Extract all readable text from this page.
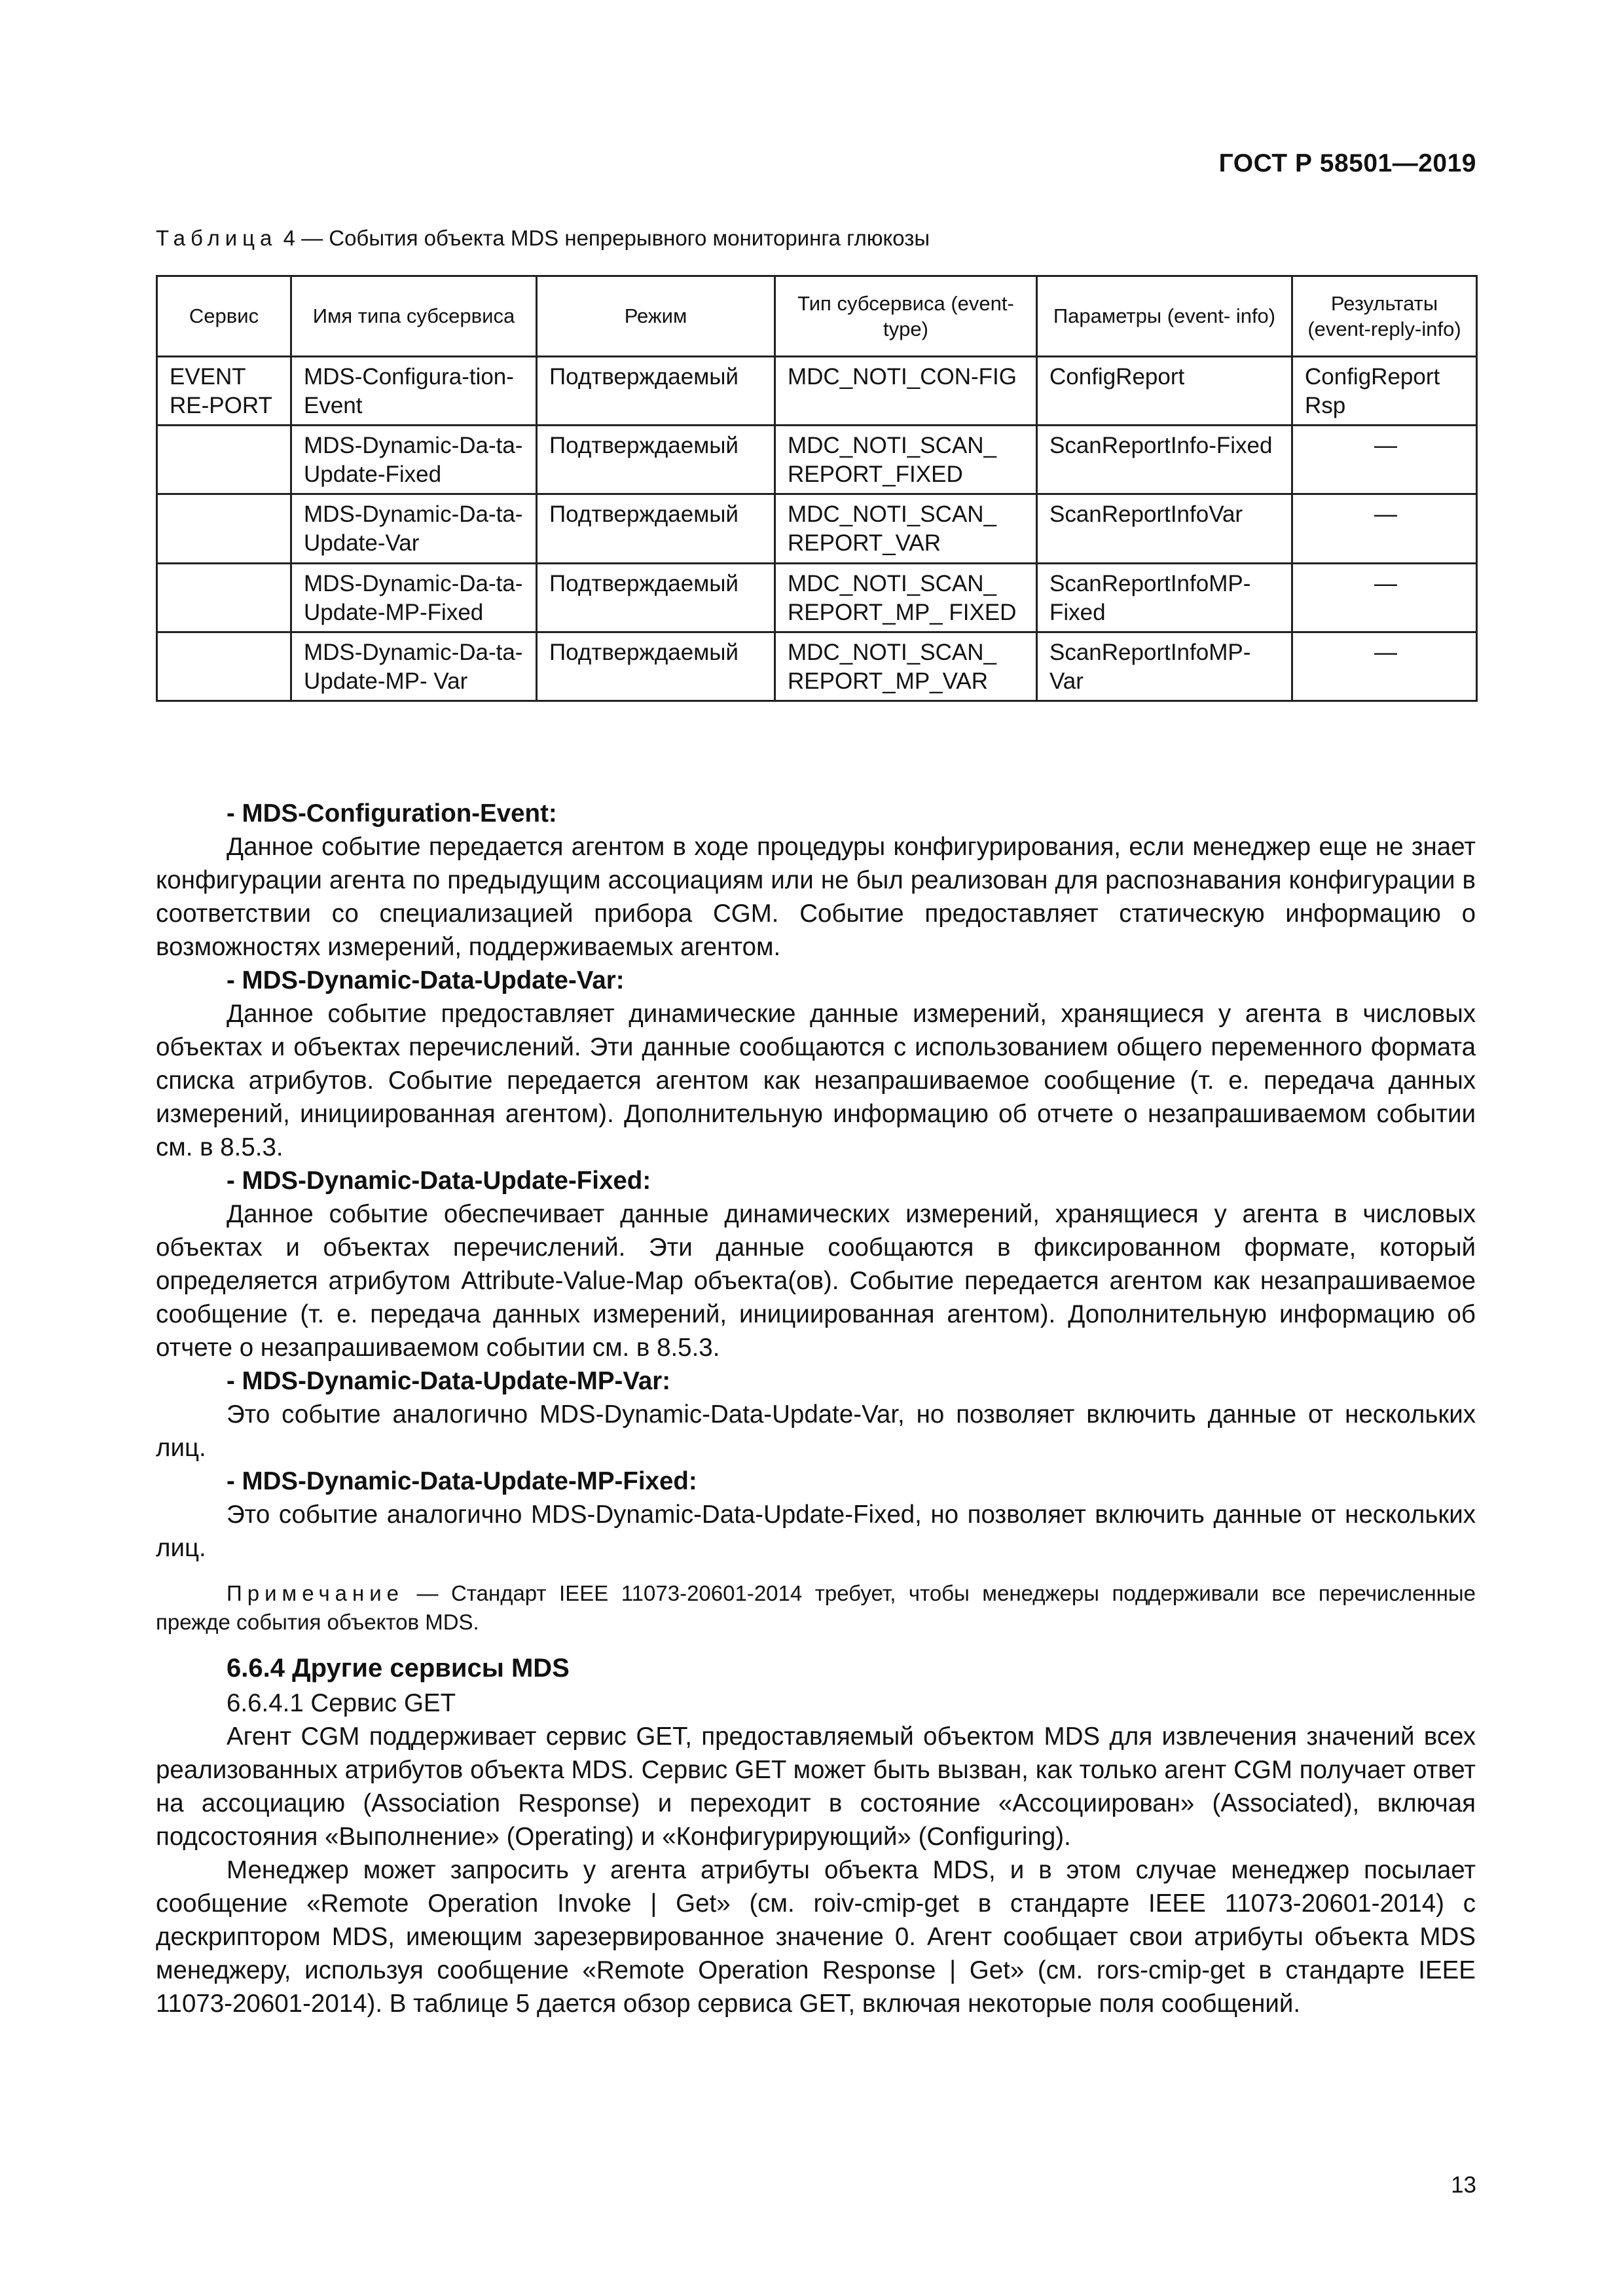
ГОСТ Р 58501—2019
Таблица 4 — События объекта MDS непрерывного мониторинга глюкозы
Сервис	Имя типа субсервиса	Режим	Тип субсервиса (event-type)	Параметры (event- info)	Результаты (event-reply-info)
EVENT RE-PORT	MDS-Configura-tion-Event	Подтверждаемый	MDC_NOTI_CON-FIG	ConfigReport	ConfigReport Rsp
	MDS-Dynamic-Da-ta-Update-Fixed	Подтверждаемый	MDC_NOTI_SCAN_ REPORT_FIXED	ScanReportInfo-Fixed	—
	MDS-Dynamic-Da-ta-Update-Var	Подтверждаемый	MDC_NOTI_SCAN_ REPORT_VAR	ScanReportInfoVar	—
	MDS-Dynamic-Da-ta-Update-MP-Fixed	Подтверждаемый	MDC_NOTI_SCAN_ REPORT_MP_ FIXED	ScanReportInfoMP-Fixed	—
	MDS-Dynamic-Da-ta-Update-MP- Var	Подтверждаемый	MDC_NOTI_SCAN_ REPORT_MP_VAR	ScanReportInfoMP-Var	—
- MDS-Configuration-Event:

Данное событие передается агентом в ходе процедуры конфигурирования, если менеджер еще не знает конфигурации агента по предыдущим ассоциациям или не был реализован для распознавания конфигурации в соответствии со специализацией прибора CGM. Событие предоставляет статическую информацию о возможностях измерений, поддерживаемых агентом.

- MDS-Dynamic-Data-Update-Var:

Данное событие предоставляет динамические данные измерений, хранящиеся у агента в числовых объектах и объектах перечислений. Эти данные сообщаются с использованием общего переменного формата списка атрибутов. Событие передается агентом как незапрашиваемое сообщение (т. е. передача данных измерений, инициированная агентом). Дополнительную информацию об отчете о незапрашиваемом событии см. в 8.5.3.

- MDS-Dynamic-Data-Update-Fixed:

Данное событие обеспечивает данные динамических измерений, хранящиеся у агента в числовых объектах и объектах перечислений. Эти данные сообщаются в фиксированном формате, который определяется атрибутом Attribute-Value-Map объекта(ов). Событие передается агентом как незапрашиваемое сообщение (т. е. передача данных измерений, инициированная агентом). Дополнительную информацию об отчете о незапрашиваемом событии см. в 8.5.3.

- MDS-Dynamic-Data-Update-MP-Var:

Это событие аналогично MDS-Dynamic-Data-Update-Var, но позволяет включить данные от нескольких лиц.

- MDS-Dynamic-Data-Update-MP-Fixed:

Это событие аналогично MDS-Dynamic-Data-Update-Fixed, но позволяет включить данные от нескольких лиц.

Примечание — Стандарт IEEE 11073-20601-2014 требует, чтобы менеджеры поддерживали все перечисленные прежде события объектов MDS.

6.6.4 Другие сервисы MDS
6.6.4.1 Сервис GET

Агент CGM поддерживает сервис GET, предоставляемый объектом MDS для извлечения значений всех реализованных атрибутов объекта MDS. Сервис GET может быть вызван, как только агент CGM получает ответ на ассоциацию (Association Response) и переходит в состояние «Ассоциирован» (Associated), включая подсостояния «Выполнение» (Operating) и «Конфигурирующий» (Configuring).

Менеджер может запросить у агента атрибуты объекта MDS, и в этом случае менеджер посылает сообщение «Remote Operation Invoke | Get» (см. roiv-cmip-get в стандарте IEEE 11073-20601-2014) с дескриптором MDS, имеющим зарезервированное значение 0. Агент сообщает свои атрибуты объекта MDS менеджеру, используя сообщение «Remote Operation Response | Get» (см. rors-cmip-get в стандарте IEEE 11073-20601-2014). В таблице 5 дается обзор сервиса GET, включая некоторые поля сообщений.

13
